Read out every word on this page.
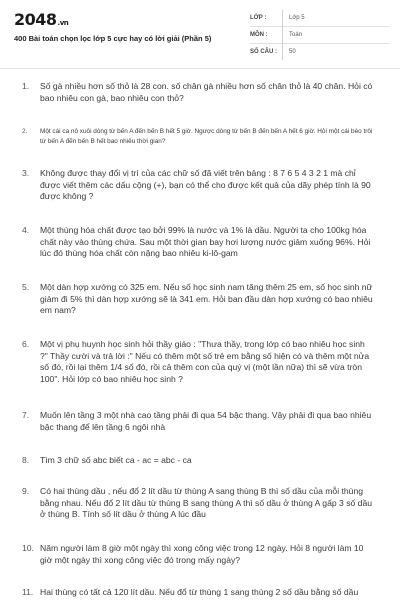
2048.vn
400 Bài toán chọn lọc lớp 5 cực hay có lời giải (Phần 5)
LỚP :	Lớp 5
MÔN :	Toán
SỐ CÂU :	50
1.	Số gà nhiều hơn số thỏ là 28 con. số chân gà nhiều hơn số chân thỏ là 40 chân. Hỏi có bao nhiêu con gà, bao nhiêu con thỏ?
2.	Một cái ca nô xuôi dòng từ bến A đến bến B hết 5 giờ. Ngược dòng từ bến B đến bến A hết 6 giờ. Hỏi một cái bèo trôi từ bến A đến bến B hết bao nhiêu thời gian?
3.	Không được thay đổi vị trí của các chữ số đã viết trên bảng : 8 7 6 5 4 3 2 1 mà chỉ được viết thêm các dấu cộng (+), bạn có thể cho được kết quả của dãy phép tính là 90 được không ?
4.	Một thùng hóa chất được tạo bởi 99% là nước và 1% là dầu. Người ta cho 100kg hóa chất này vào thùng chứa. Sau một thời gian bay hơi lượng nước giảm xuống 96%. Hỏi lúc đó thùng hóa chất còn nặng bao nhiêu ki-lô-gam
5.	Một dàn hợp xướng có 325 em. Nếu số học sinh nam tăng thêm 25 em, số học sinh nữ giảm đi 5% thì dàn hợp xướng sẽ là 341 em. Hỏi ban đầu dàn hợp xướng có bao nhiêu em nam?
6.	Một vị phụ huynh học sinh hỏi thầy giáo : "Thưa thầy, trong lớp có bao nhiêu học sinh ?" Thầy cười và trả lời :" Nếu có thêm một số trẻ em bằng số hiện có và thêm một nửa số đó, rồi lại thêm 1/4 số đó, rồi cả thêm con của quý vị (một lần nữa) thì sẽ vừa tròn 100". Hỏi lớp có bao nhiêu học sinh ?
7.	Muốn lên tầng 3 một nhà cao tầng phải đi qua 54 bậc thang. Vậy phải đi qua bao nhiêu bậc thang để lên tầng 6 ngôi nhà
8.	Tìm 3 chữ số abc biết ca - ac = abc - ca
9.	Có hai thùng dầu , nếu đổ 2 lít dầu từ thùng A sang thùng B thì số dầu của mỗi thùng bằng nhau. Nếu đổ 2 lít dầu từ thùng B sang thùng A thì số dầu ở thùng A gấp 3 số dầu ở thùng B. Tính số lít dầu ở thùng A lúc đầu
10. Năm người làm 8 giờ một ngày thì xong công việc trong 12 ngày. Hỏi 8 người làm 10 giờ một ngày thì xong công việc đó trong mấy ngày?
11. Hai thùng có tất cả 120 lít dầu. Nếu đổ từ thùng 1 sang thùng 2 số dầu bằng số dầu
